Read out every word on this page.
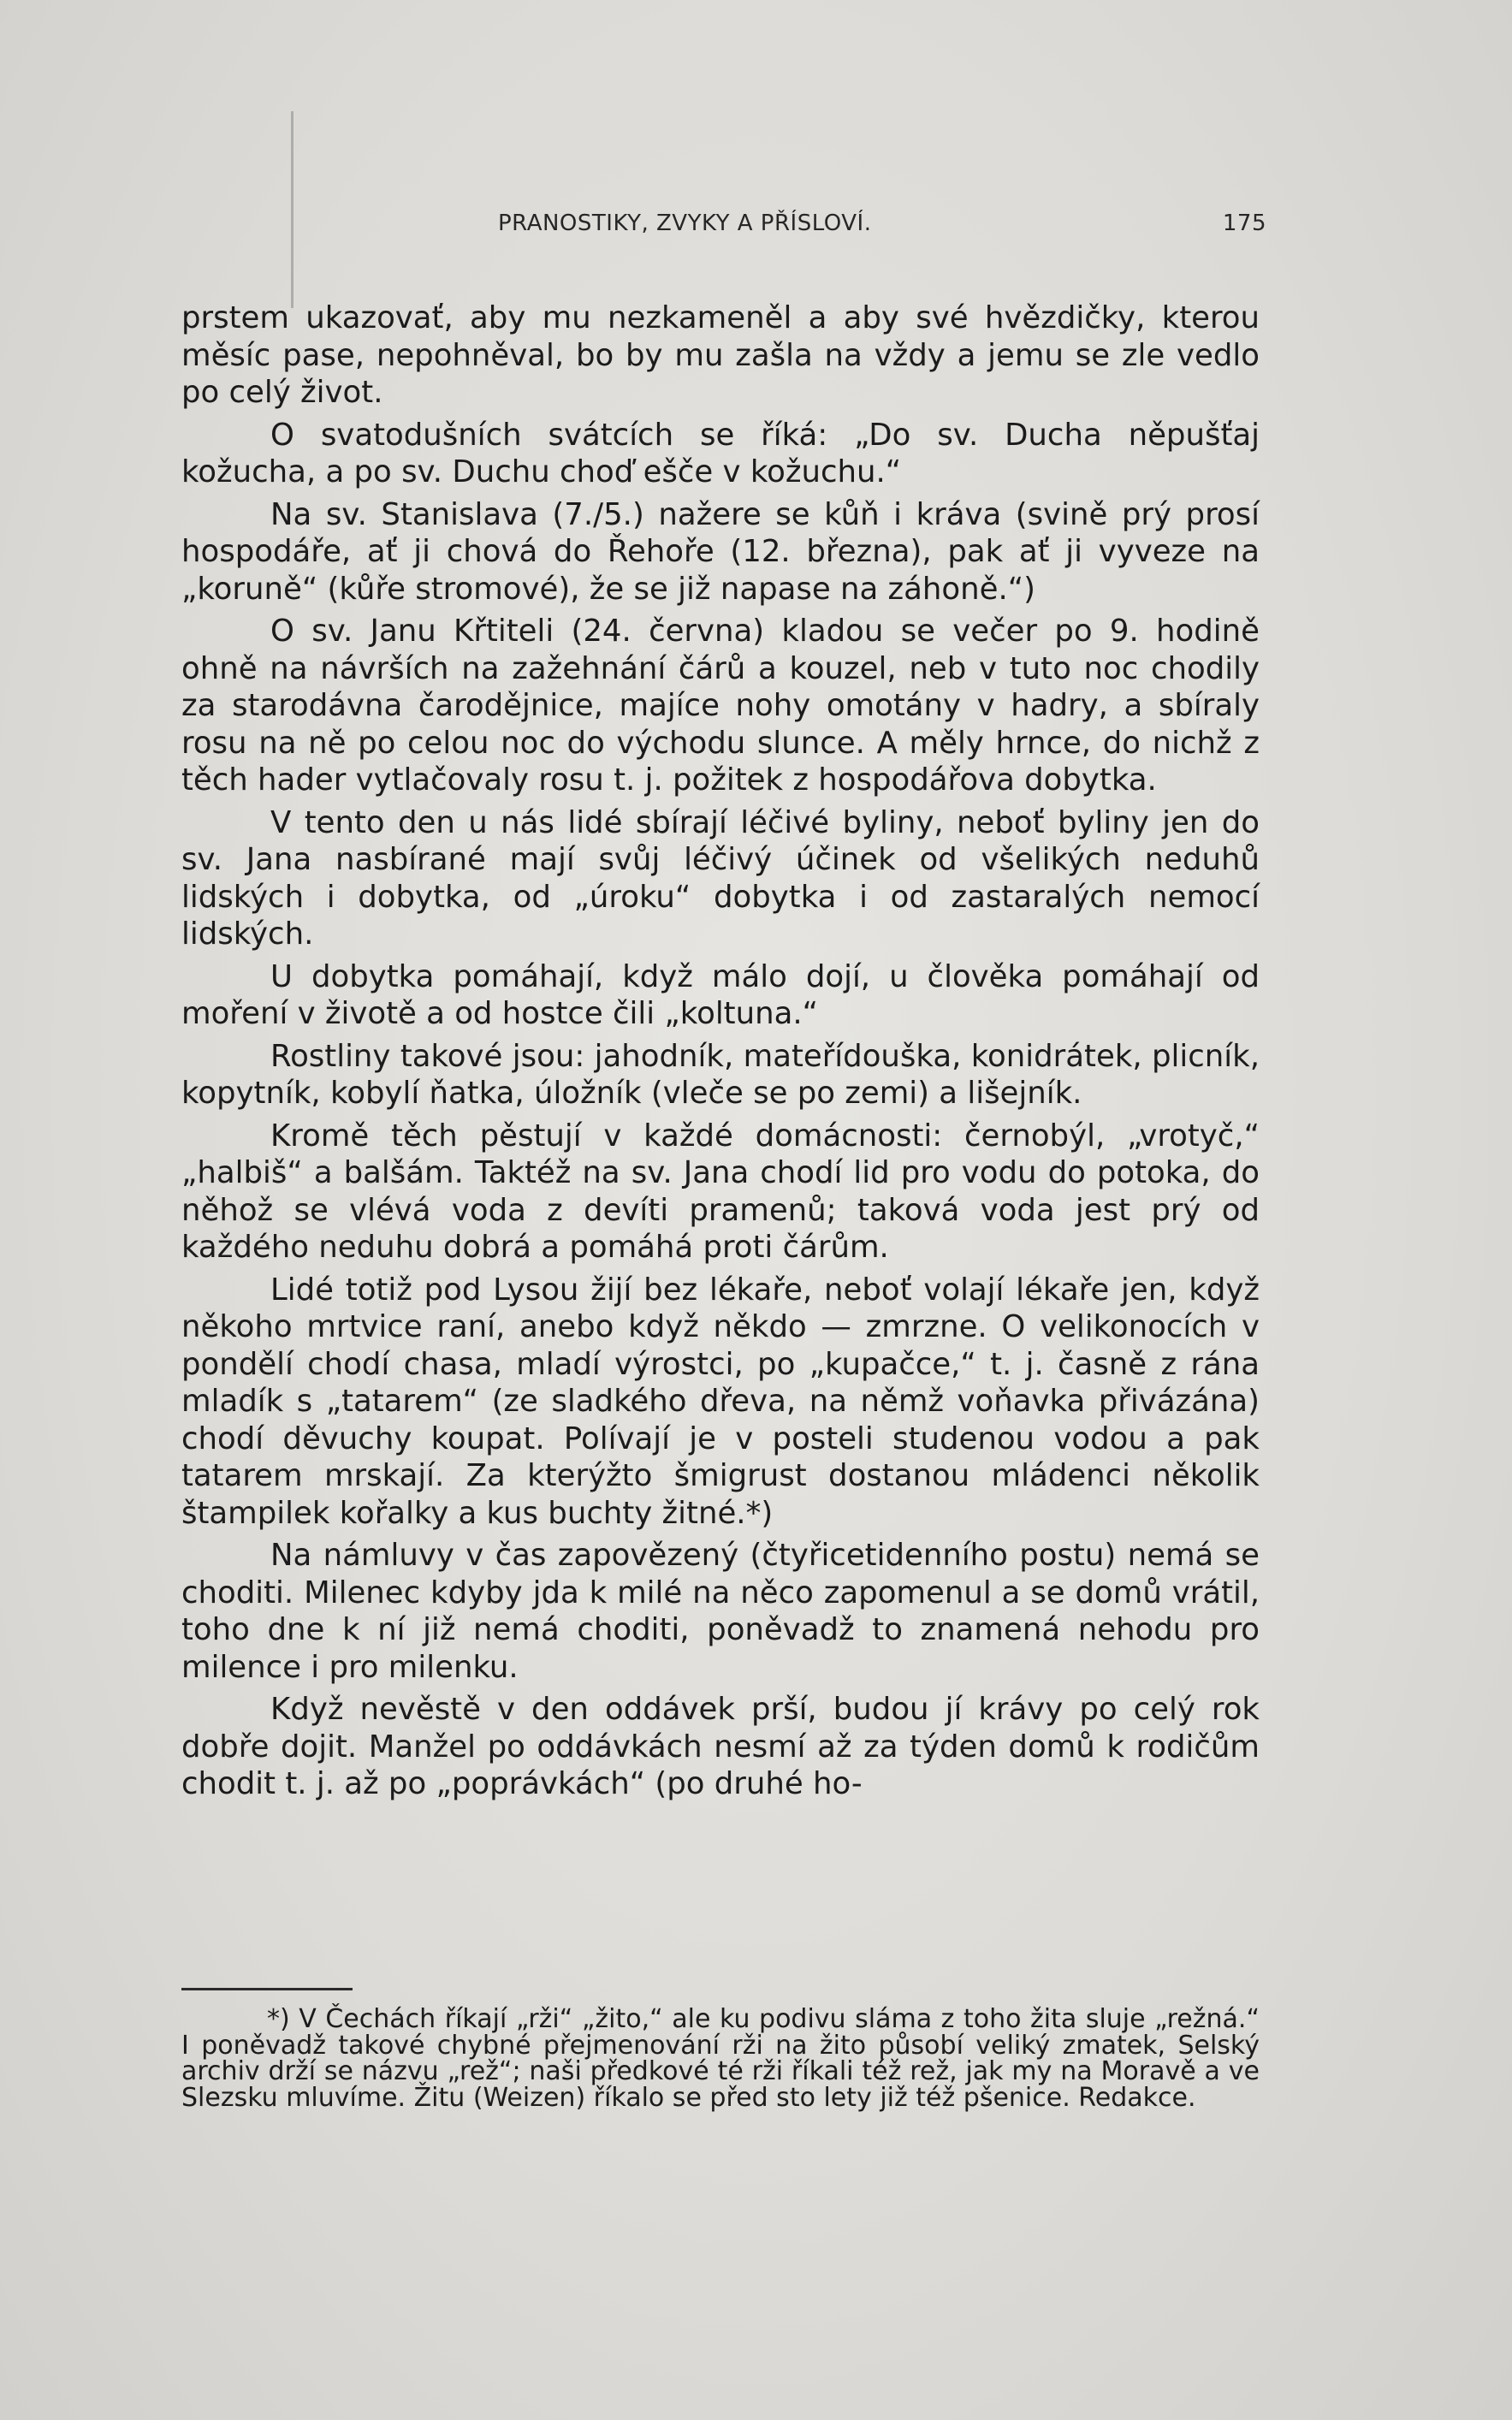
PRANOSTIKY, ZVYKY A PŘÍSLOVÍ.	175

prstem ukazovať, aby mu nezkameněl a aby své hvězdičky, kterou měsíc pase, nepohněval, bo by mu zašla na vždy a jemu se zle vedlo po celý život.

O svatodušních svátcích se říká: „Do sv. Ducha něpušťaj kožucha, a po sv. Duchu choď ešče v kožuchu.“

Na sv. Stanislava (7./5.) nažere se kůň i kráva (svině prý prosí hospodáře, ať ji chová do Řehoře (12. března), pak ať ji vyveze na „koruně“ (kůře stromové), že se již napase na záhoně.“)

O sv. Janu Křtiteli (24. června) kladou se večer po 9. hodině ohně na návrších na zažehnání čárů a kouzel, neb v tuto noc chodily za starodávna čarodějnice, majíce nohy omotány v hadry, a sbíraly rosu na ně po celou noc do východu slunce. A měly hrnce, do nichž z těch hader vytlačovaly rosu t. j. požitek z hospodářova dobytka.

V tento den u nás lidé sbírají léčivé byliny, neboť byliny jen do sv. Jana nasbírané mají svůj léčivý účinek od všelikých neduhů lidských i dobytka, od „úroku“ dobytka i od zastaralých nemocí lidských.

U dobytka pomáhají, když málo dojí, u člověka pomáhají od moření v životě a od hostce čili „koltuna.“

Rostliny takové jsou: jahodník, mateřídouška, konidrátek, plicník, kopytník, kobylí ňatka, úložník (vleče se po zemi) a lišejník.

Kromě těch pěstují v každé domácnosti: černobýl, „vrotyč,“ „halbiš“ a balšám. Taktéž na sv. Jana chodí lid pro vodu do potoka, do něhož se vlévá voda z devíti pramenů; taková voda jest prý od každého neduhu dobrá a pomáhá proti čárům.

Lidé totiž pod Lysou žijí bez lékaře, neboť volají lékaře jen, když někoho mrtvice raní, anebo když někdo — zmrzne. O velikonocích v pondělí chodí chasa, mladí výrostci, po „kupačce,“ t. j. časně z rána mladík s „tatarem“ (ze sladkého dřeva, na němž voňavka přivázána) chodí děvuchy koupat. Polívají je v posteli studenou vodou a pak tatarem mrskají. Za kterýžto šmigrust dostanou mládenci několik štampilek kořalky a kus buchty žitné.*)

Na námluvy v čas zapovězený (čtyřicetidenního postu) nemá se choditi. Milenec kdyby jda k milé na něco zapomenul a se domů vrátil, toho dne k ní již nemá choditi, poněvadž to znamená nehodu pro milence i pro milenku.

Když nevěstě v den oddávek prší, budou jí krávy po celý rok dobře dojit. Manžel po oddávkách nesmí až za týden domů k rodičům chodit t. j. až po „poprávkách“ (po druhé ho-

*) V Čechách říkají „rži“ „žito,“ ale ku podivu sláma z toho žita sluje „režná.“ I poněvadž takové chybné přejmenování rži na žito působí veliký zmatek, Selský archiv drží se názvu „rež“; naši předkové té rži říkali též rež, jak my na Moravě a ve Slezsku mluvíme. Žitu (Weizen) říkalo se před sto lety již též pšenice. Redakce.
